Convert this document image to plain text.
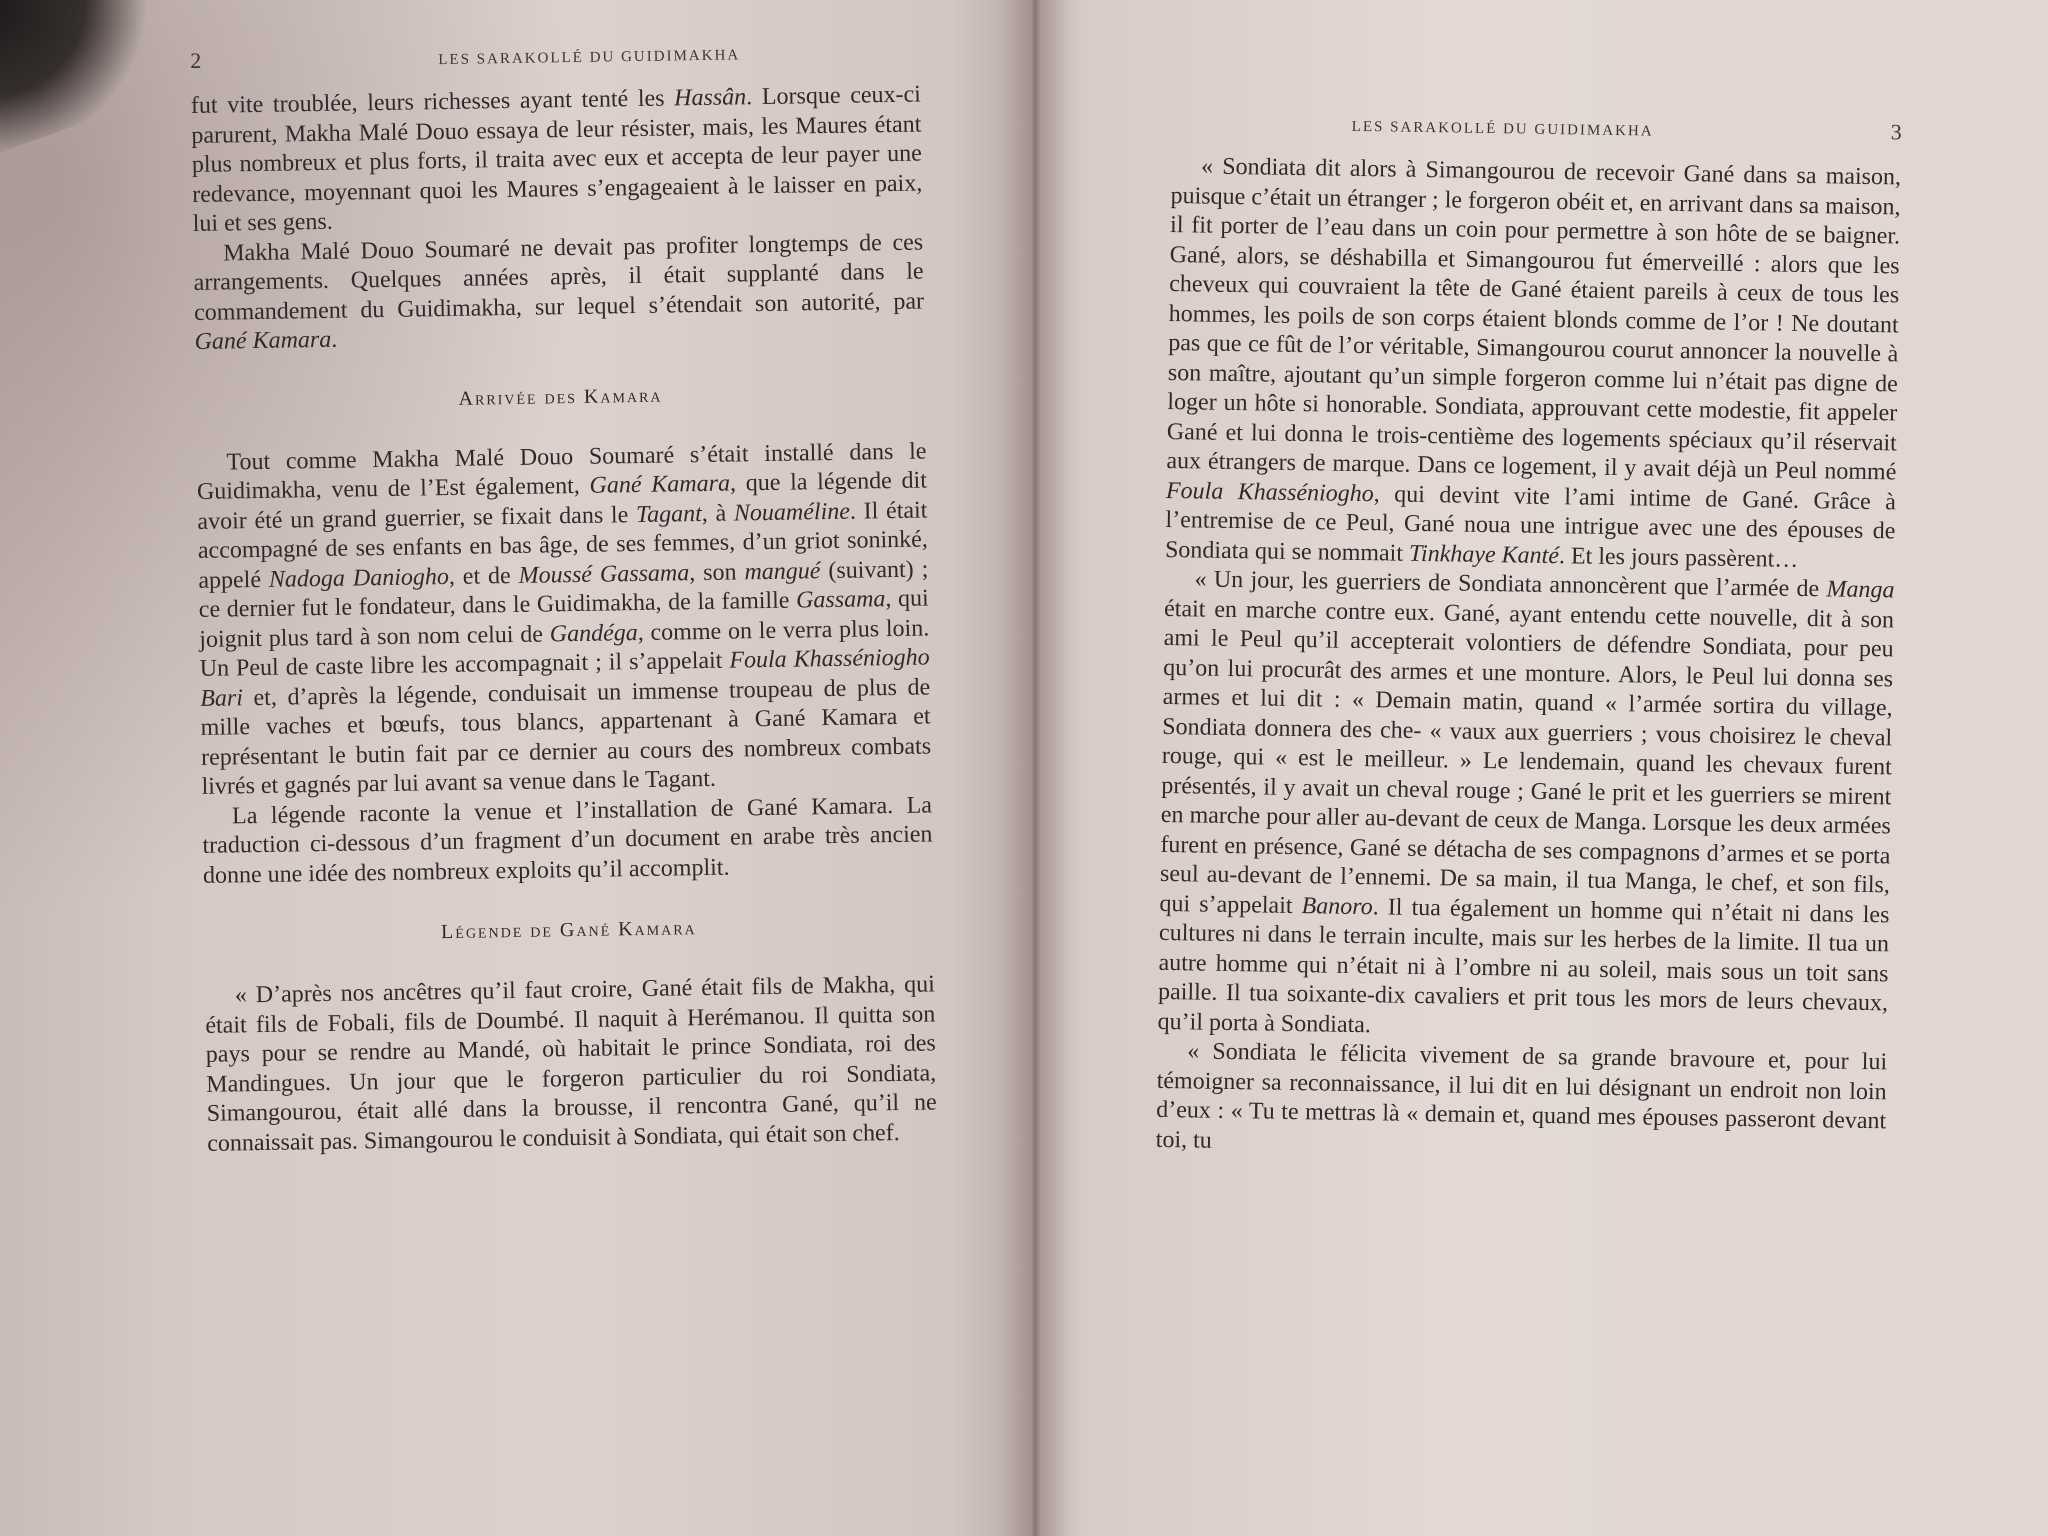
2	LES SARAKOLLÉ DU GUIDIMAKHA

fut vite troublée, leurs richesses ayant tenté les Hassân. Lorsque ceux-ci parurent, Makha Malé Douo essaya de leur résister, mais, les Maures étant plus nombreux et plus forts, il traita avec eux et accepta de leur payer une redevance, moyennant quoi les Maures s’engageaient à le laisser en paix, lui et ses gens.

Makha Malé Douo Soumaré ne devait pas profiter longtemps de ces arrangements. Quelques années après, il était supplanté dans le commandement du Guidimakha, sur lequel s’étendait son autorité, par Gané Kamara.

Arrivée des Kamara

Tout comme Makha Malé Douo Soumaré s’était installé dans le Guidimakha, venu de l’Est également, Gané Kamara, que la légende dit avoir été un grand guerrier, se fixait dans le Tagant, à Nouaméline. Il était accompagné de ses enfants en bas âge, de ses femmes, d’un griot soninké, appelé Nadoga Daniogho, et de Moussé Gassama, son mangué (suivant) ; ce dernier fut le fondateur, dans le Guidimakha, de la famille Gassama, qui joignit plus tard à son nom celui de Gandéga, comme on le verra plus loin. Un Peul de caste libre les accompagnait ; il s’appelait Foula Khasséniogho Bari et, d’après la légende, conduisait un immense troupeau de plus de mille vaches et bœufs, tous blancs, appartenant à Gané Kamara et représentant le butin fait par ce dernier au cours des nombreux combats livrés et gagnés par lui avant sa venue dans le Tagant.

La légende raconte la venue et l’installation de Gané Kamara. La traduction ci-dessous d’un fragment d’un document en arabe très ancien donne une idée des nombreux exploits qu’il accomplit.

Légende de Gané Kamara

« D’après nos ancêtres qu’il faut croire, Gané était fils de Makha, qui était fils de Fobali, fils de Doumbé. Il naquit à Herémanou. Il quitta son pays pour se rendre au Mandé, où habitait le prince Sondiata, roi des Mandingues. Un jour que le forgeron particulier du roi Sondiata, Simangourou, était allé dans la brousse, il rencontra Gané, qu’il ne connaissait pas. Simangourou le conduisit à Sondiata, qui était son chef.

LES SARAKOLLÉ DU GUIDIMAKHA	3

« Sondiata dit alors à Simangourou de recevoir Gané dans sa maison, puisque c’était un étranger ; le forgeron obéit et, en arrivant dans sa maison, il fit porter de l’eau dans un coin pour permettre à son hôte de se baigner. Gané, alors, se déshabilla et Simangourou fut émerveillé : alors que les cheveux qui couvraient la tête de Gané étaient pareils à ceux de tous les hommes, les poils de son corps étaient blonds comme de l’or ! Ne doutant pas que ce fût de l’or véritable, Simangourou courut annoncer la nouvelle à son maître, ajoutant qu’un simple forgeron comme lui n’était pas digne de loger un hôte si honorable. Sondiata, approuvant cette modestie, fit appeler Gané et lui donna le trois-centième des logements spéciaux qu’il réservait aux étrangers de marque. Dans ce logement, il y avait déjà un Peul nommé Foula Khasséniogho, qui devint vite l’ami intime de Gané. Grâce à l’entremise de ce Peul, Gané noua une intrigue avec une des épouses de Sondiata qui se nommait Tinkhaye Kanté. Et les jours passèrent…

« Un jour, les guerriers de Sondiata annoncèrent que l’armée de Manga était en marche contre eux. Gané, ayant entendu cette nouvelle, dit à son ami le Peul qu’il accepterait volontiers de défendre Sondiata, pour peu qu’on lui procurât des armes et une monture. Alors, le Peul lui donna ses armes et lui dit : « Demain matin, quand « l’armée sortira du village, Sondiata donnera des che- « vaux aux guerriers ; vous choisirez le cheval rouge, qui « est le meilleur. » Le lendemain, quand les chevaux furent présentés, il y avait un cheval rouge ; Gané le prit et les guerriers se mirent en marche pour aller au-devant de ceux de Manga. Lorsque les deux armées furent en présence, Gané se détacha de ses compagnons d’armes et se porta seul au-devant de l’ennemi. De sa main, il tua Manga, le chef, et son fils, qui s’appelait Banoro. Il tua également un homme qui n’était ni dans les cultures ni dans le terrain inculte, mais sur les herbes de la limite. Il tua un autre homme qui n’était ni à l’ombre ni au soleil, mais sous un toit sans paille. Il tua soixante-dix cavaliers et prit tous les mors de leurs chevaux, qu’il porta à Sondiata.

« Sondiata le félicita vivement de sa grande bravoure et, pour lui témoigner sa reconnaissance, il lui dit en lui désignant un endroit non loin d’eux : « Tu te mettras là « demain et, quand mes épouses passeront devant toi, tu
